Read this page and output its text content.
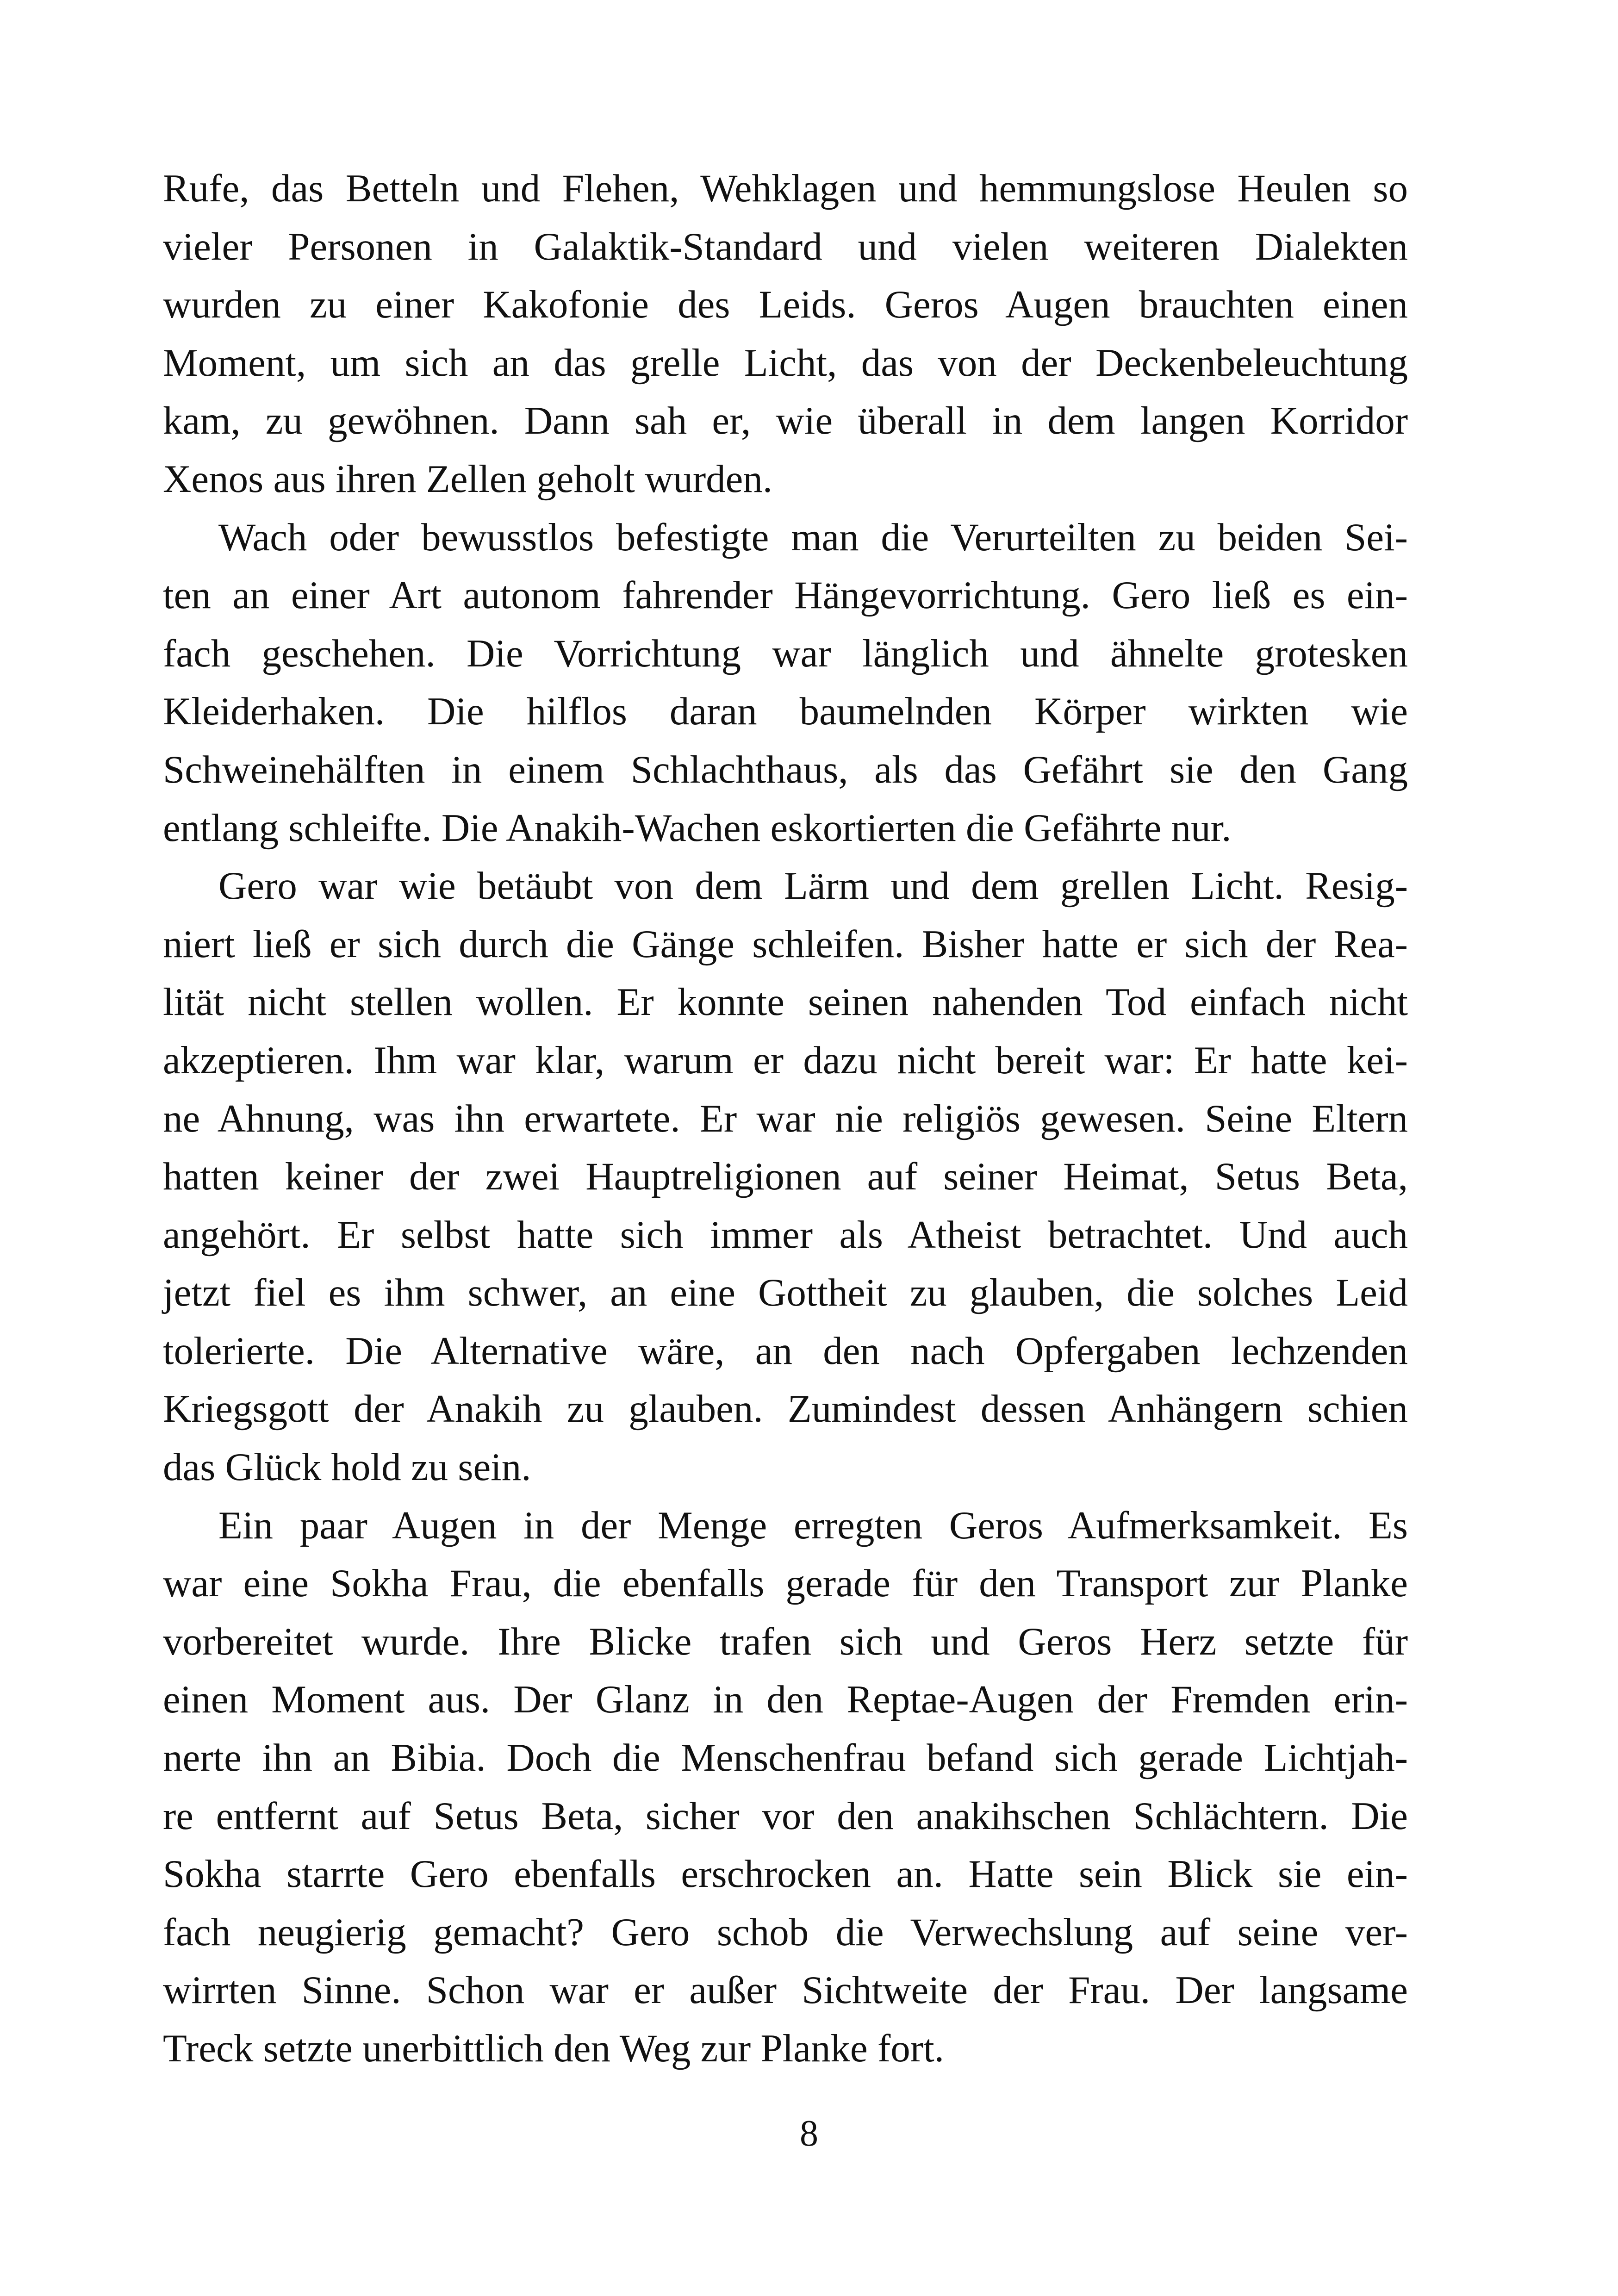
Rufe, das Betteln und Flehen, Wehklagen und hemmungslose Heulen so
vieler Personen in Galaktik-Standard und vielen weiteren Dialekten
wurden zu einer Kakofonie des Leids. Geros Augen brauchten einen
Moment, um sich an das grelle Licht, das von der Deckenbeleuchtung
kam, zu gewöhnen. Dann sah er, wie überall in dem langen Korridor
Xenos aus ihren Zellen geholt wurden.
Wach oder bewusstlos befestigte man die Verurteilten zu beiden Sei-
ten an einer Art autonom fahrender Hängevorrichtung. Gero ließ es ein-
fach geschehen. Die Vorrichtung war länglich und ähnelte grotesken
Kleiderhaken. Die hilflos daran baumelnden Körper wirkten wie
Schweinehälften in einem Schlachthaus, als das Gefährt sie den Gang
entlang schleifte. Die Anakih-Wachen eskortierten die Gefährte nur.
Gero war wie betäubt von dem Lärm und dem grellen Licht. Resig-
niert ließ er sich durch die Gänge schleifen. Bisher hatte er sich der Rea-
lität nicht stellen wollen. Er konnte seinen nahenden Tod einfach nicht
akzeptieren. Ihm war klar, warum er dazu nicht bereit war: Er hatte kei-
ne Ahnung, was ihn erwartete. Er war nie religiös gewesen. Seine Eltern
hatten keiner der zwei Hauptreligionen auf seiner Heimat, Setus Beta,
angehört. Er selbst hatte sich immer als Atheist betrachtet. Und auch
jetzt fiel es ihm schwer, an eine Gottheit zu glauben, die solches Leid
tolerierte. Die Alternative wäre, an den nach Opfergaben lechzenden
Kriegsgott der Anakih zu glauben. Zumindest dessen Anhängern schien
das Glück hold zu sein.
Ein paar Augen in der Menge erregten Geros Aufmerksamkeit. Es
war eine Sokha Frau, die ebenfalls gerade für den Transport zur Planke
vorbereitet wurde. Ihre Blicke trafen sich und Geros Herz setzte für
einen Moment aus. Der Glanz in den Reptae-Augen der Fremden erin-
nerte ihn an Bibia. Doch die Menschenfrau befand sich gerade Lichtjah-
re entfernt auf Setus Beta, sicher vor den anakihschen Schlächtern. Die
Sokha starrte Gero ebenfalls erschrocken an. Hatte sein Blick sie ein-
fach neugierig gemacht? Gero schob die Verwechslung auf seine ver-
wirrten Sinne. Schon war er außer Sichtweite der Frau. Der langsame
Treck setzte unerbittlich den Weg zur Planke fort.
8
